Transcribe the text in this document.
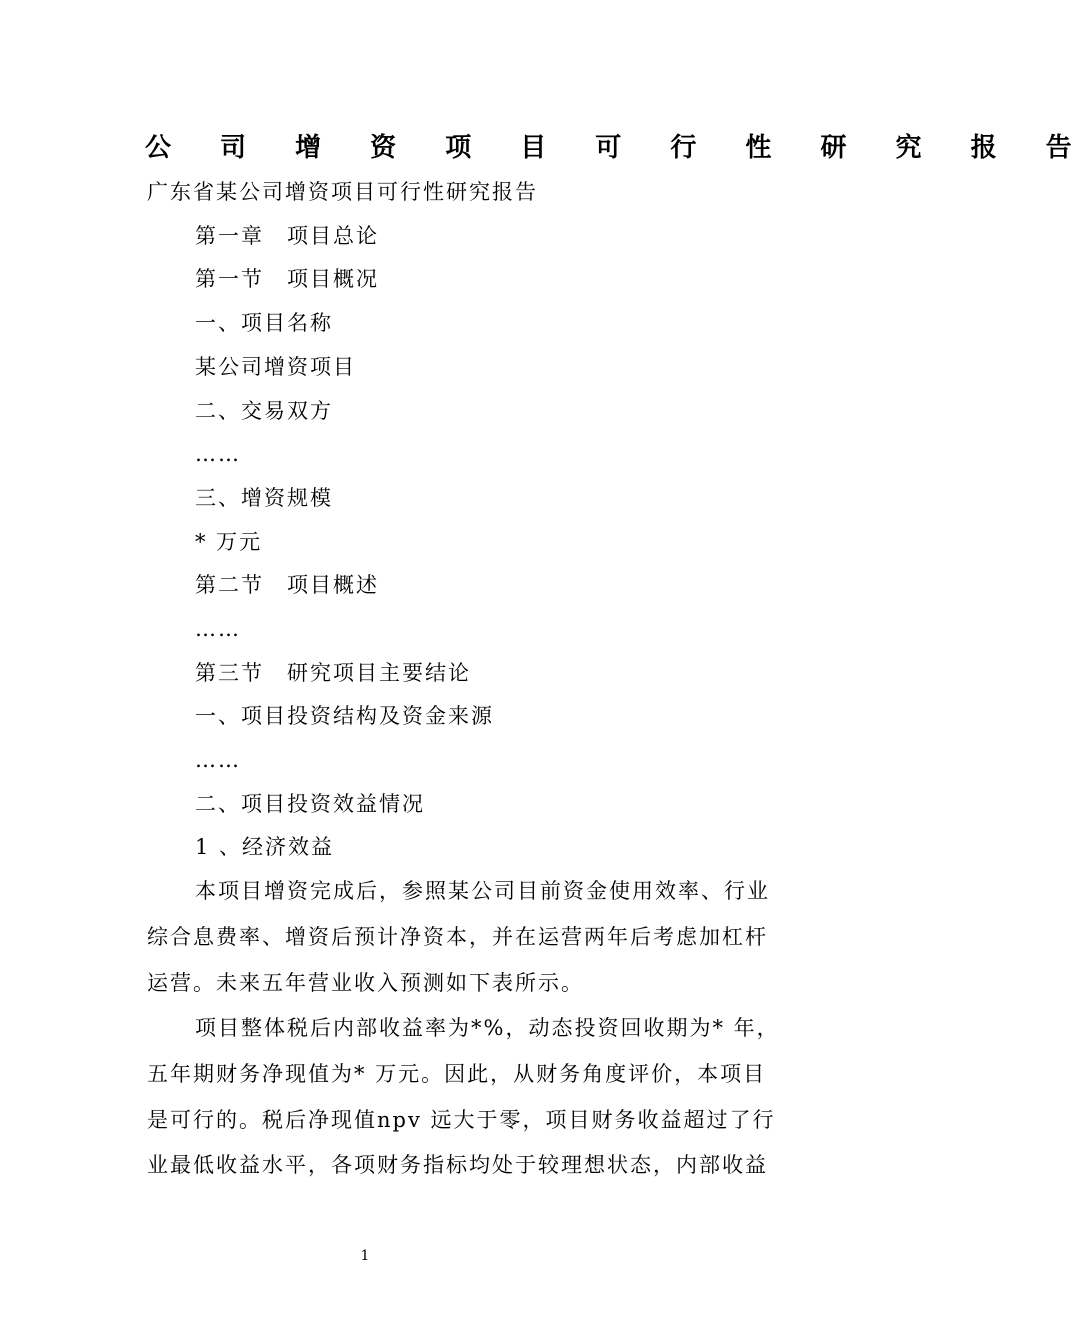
公 司 增 资 项 目 可 行 性 研 究 报 告
广东省某公司增资项目可行性研究报告
第一章　项目总论
第一节　项目概况
一、项目名称
某公司增资项目
二、交易双方
……
三、增资规模
* 万元
第二节　项目概述
……
第三节　研究项目主要结论
一、项目投资结构及资金来源
……
二、项目投资效益情况
1 、经济效益
本项目增资完成后，参照某公司目前资金使用效率、行业
综合息费率、增资后预计净资本，并在运营两年后考虑加杠杆
运营。未来五年营业收入预测如下表所示。
项目整体税后内部收益率为*%，动态投资回收期为* 年，
五年期财务净现值为* 万元。因此，从财务角度评价，本项目
是可行的。税后净现值npv 远大于零，项目财务收益超过了行
业最低收益水平，各项财务指标均处于较理想状态，内部收益
1
